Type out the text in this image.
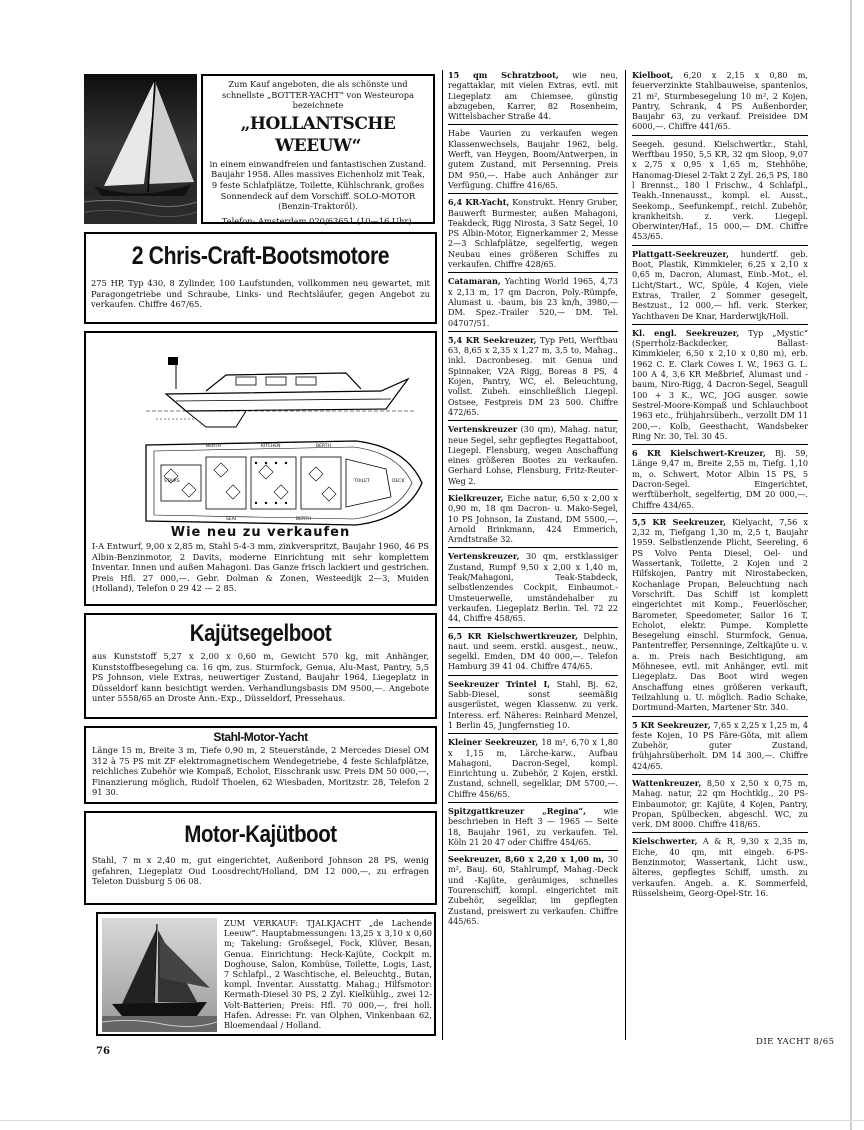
Zum Kauf angeboten, die als schönste und schnellste „BOTTER-YACHT“ von Westeuropa bezeichnete

„HOLLANTSCHE WEEUW“

in einem einwandfreien und fantastischen Zustand. Baujahr 1958. Alles massives Eichenholz mit Teak, 9 feste Schlafplätze, Toilette, Kühlschrank, großes Sonnendeck auf dem Vorschiff. SOLO-MOTOR (Benzin-Traktoröl).

Telefon: Amsterdam 020/63651 (10—16 Uhr).

2 Chris-Craft-Bootsmotore

275 HP, Typ 430, 8 Zylinder, 100 Laufstunden, vollkommen neu gewartet, mit Paragongetriebe und Schraube, Links- und Rechtsläufer, gegen Angebot zu verkaufen. Chiffre 467/65.

BERTH	KITCHEN	BERTH
STAIRS	TOILET	DECK
SEAT	BERTH

Wie neu zu verkaufen

I-A Entwurf, 9,00 x 2,85 m, Stahl 5-4-3 mm, zinkverspritzt, Baujahr 1960, 46 PS Albin-Benzinmotor, 2 Davits, moderne Einrichtung mit sehr komplettem Inventar. Innen und außen Mahagoni. Das Ganze frisch lackiert und gestrichen. Preis Hfl. 27 000,—. Gebr. Dolman & Zonen, Westeedijk 2—3, Muiden (Holland), Telefon 0 29 42 — 2 85.

Kajütsegelboot

aus Kunststoff 5,27 x 2,00 x 0,60 m, Gewicht 570 kg, mit Anhänger, Kunststoffbesegelung ca. 16 qm, zus. Sturmfock, Genua, Alu-Mast, Pantry, 5,5 PS Johnson, viele Extras, neuwertiger Zustand, Baujahr 1964, Liegeplatz in Düsseldorf kann besichtigt werden. Verhandlungsbasis DM 9500,—. Angebote unter 5558/65 an Droste Ann.-Exp., Düsseldorf, Pressehaus.

Stahl-Motor-Yacht

Länge 15 m, Breite 3 m, Tiefe 0,90 m, 2 Steuerstände, 2 Mercedes Diesel OM 312 à 75 PS mit ZF elektromagnetischem Wendegetriebe, 4 feste Schlafplätze, reichliches Zubehör wie Kompaß, Echolot, Eisschrank usw. Preis DM 50 000,—, Finanzierung möglich, Rudolf Thoelen, 62 Wiesbaden, Moritzstr. 28, Telefon 2 91 30.

Motor-Kajütboot

Stahl, 7 m x 2,40 m, gut eingerichtet, Außenbord Johnson 28 PS, wenig gefahren, Liegeplatz Oud Loosdrecht/Holland, DM 12 000,—, zu erfragen Teleton Duisburg 5 06 08.

ZUM VERKAUF: TJALKJACHT „de Lachende Leeuw“. Hauptabmessungen: 13,25 x 3,10 x 0,60 m; Takelung: Großsegel, Fock, Klüver, Besan, Genua. Einrichtung: Heck-Kajüte, Cockpit m. Doghouse, Salon, Kombüse, Toilette, Logis, Last, 7 Schlafpl., 2 Waschtische, el. Beleuchtg., Butan, kompl. Inventar. Ausstattg. Mahag.; Hilfsmotor: Kermath-Diesel 30 PS, 2 Zyl. Kielkühlg., zwei 12-Volt-Batterien; Preis: Hfl. 70 000,—, frei holl. Hafen. Adresse: Fr. van Olphen, Vinkenbaan 62, Bloemendaal / Holland.

76

15 qm Schratzboot, wie neu, regattaklar, mit vielen Extras, evtl. mit Liegeplatz am Chiemsee, günstig abzugeben, Karrer, 82 Rosenheim, Wittelsbacher Straße 44.

Habe Vaurien zu verkaufen wegen Klassenwechsels, Baujahr 1962, belg. Werft, van Heygen, Boom/Antwerpen, in gutem Zustand, mit Persenning. Preis DM 950,—. Habe auch Anhänger zur Verfügung. Chiffre 416/65.

6,4 KR-Yacht, Konstrukt. Henry Gruber, Bauwerft Burmester, außen Mahagoni, Teakdeck, Rigg Nirosta, 3 Satz Segel, 10 PS Albin-Motor, Eignerkammer 2, Messe 2—3 Schlafplätze, segelfertig, wegen Neubau eines größeren Schiffes zu verkaufen. Chiffre 428/65.

Catamaran, Yachting World 1965, 4,73 x 2,13 m, 17 qm Dacron, Poly.-Rümpfe, Alumast u. -baum, bis 23 kn/h, 3980,— DM. Spez.-Trailer 520,— DM. Tel. 04707/51.

5,4 KR Seekreuzer, Typ Peti, Werftbau 63, 8,65 x 2,35 x 1,27 m, 3,5 to, Mahag., inkl. Dacronbeseg. mit Genua und Spinnaker, V2A Rigg, Boreas 8 PS, 4 Kojen, Pantry, WC, el. Beleuchtung, vollst. Zubeh. einschließlich Liegepl. Ostsee, Festpreis DM 23 500. Chiffre 472/65.

Vertenskreuzer (30 qm), Mahag. natur, neue Segel, sehr gepflegtes Regattaboot, Liegepl. Flensburg, wegen Anschaffung eines größeren Bootes zu verkaufen. Gerhard Lohse, Flensburg, Fritz-Reuter-Weg 2.

Kielkreuzer, Eiche natur, 6,50 x 2,00 x 0,90 m, 18 qm Dacron- u. Mako-Segel, 10 PS Johnson, Ia Zustand, DM 5500,—, Arnold Brinkmann, 424 Emmerich, Arndtstraße 32.

Vertenskreuzer, 30 qm, erstklassiger Zustand, Rumpf 9,50 x 2,00 x 1,40 m, Teak/Mahagoni, Teak-Stabdeck, selbstlenzendes Cockpit, Einbaumot.-Umsteuerwelle, umständehalber zu verkaufen. Liegeplatz Berlin. Tel. 72 22 44, Chiffre 458/65.

6,5 KR Kielschwertkreuzer, Delphin, naut. und seem. erstkl. ausgest., neuw., segelkl. Emden, DM 40 000,—. Telefon Hamburg 39 41 04. Chiffre 474/65.

Seekreuzer Trintel I, Stahl, Bj. 62, Sabb-Diesel, sonst seemäßig ausgerüstet, wegen Klassenw. zu verk. Interess. erf. Näheres: Reinhard Menzel, 1 Berlin 45, Jungfernstieg 10.

Kleiner Seekreuzer, 18 m², 6,70 x 1,80 x 1,15 m, Lärche-karw., Aufbau Mahagoni, Dacron-Segel, kompl. Einrichtung u. Zubehör, 2 Kojen, erstkl. Zustand, schnell, segelklar, DM 5700,—. Chiffre 456/65.

Spitzgattkreuzer „Regina“, wie beschrieben in Heft 3 — 1965 — Seite 18, Baujahr 1961, zu verkaufen. Tel. Köln 21 20 47 oder Chiffre 454/65.

Seekreuzer, 8,60 x 2,20 x 1,00 m, 30 m², Bauj. 60, Stahlrumpf, Mahag.-Deck und -Kajüte, geräumiges, schnelles Tourenschiff, kompl. eingerichtet mit Zubehör, segelklar, im gepflegten Zustand, preiswert zu verkaufen. Chiffre 445/65.

Kielboot, 6,20 x 2,15 x 0,80 m, feuerverzinkte Stahlbauweise, spantenlos, 21 m², Sturmbesegelung 10 m², 2 Kojen, Pantry, Schrank, 4 PS Außenborder, Baujahr 63, zu verkauf. Preisidee DM 6000,—. Chiffre 441/65.

Seegeh. gesund. Kielschwertkr., Stahl, Werftbau 1950, 5,5 KR, 32 qm Sloop, 9,07 x 2,75 x 0,95 x 1,65 m, Stehhöhe, Hanomag-Diesel 2-Takt 2 Zyl. 26,5 PS, 180 l Brennst., 180 l Frischw., 4 Schlafpl., Teakh.-Innenausst., kompl. el. Ausst., Seekomp., Seefunkempf., reichl. Zubehör, krankheitsh. z. verk. Liegepl. Oberwinter/Haf., 15 000,— DM. Chiffre 453/65.

Plattgatt-Seekreuzer, hundertf. geb. Boot, Plastik, Kimmkieler, 6,25 x 2,10 x 0,65 m, Dacron, Alumast, Einb.-Mot., el. Licht/Start., WC, Spüle, 4 Kojen, viele Extras, Trailer, 2 Sommer gesegelt, Bestzust., 12 000,— hfl. verk. Sterker, Yachthaven De Knar, Harderwijk/Holl.

Kl. engl. Seekreuzer, Typ „Mystic“ (Sperrholz-Backdecker, Ballast-Kimmkieler, 6,50 x 2,10 x 0,80 m), erb. 1962 C. E. Clark Cowes I. W., 1963 G. L. 100 A 4, 3,6 KR Meßbrief, Alumast und -baum, Niro-Rigg, 4 Dacron-Segel, Seagull 100 + 3 K., WC, JOG ausger. sowie Sestrel-Moore-Kompaß und Schlauchboot 1963 etc., frühjahrsüberh., verzollt DM 11 200,—. Kolb, Geesthacht, Wandsbeker Ring Nr. 30, Tel. 30 45.

6 KR Kielschwert-Kreuzer, Bj. 59, Länge 9,47 m, Breite 2,55 m, Tiefg. 1,10 m, o. Schwert, Motor Albin 15 PS, 5 Dacron-Segel. Eingerichtet, werftüberholt, segelfertig, DM 20 000,—. Chiffre 434/65.

5,5 KR Seekreuzer, Kielyacht, 7,56 x 2,32 m, Tiefgang 1,30 m, 2,5 t, Baujahr 1959. Selbstlenzende Plicht, Seereling, 6 PS Volvo Penta Diesel, Oel- und Wassertank, Toilette, 2 Kojen und 2 Hilfskojen, Pantry mit Nirostabecken, Kochanlage Propan, Beleuchtung nach Vorschrift. Das Schiff ist komplett eingerichtet mit Komp., Feuerlöscher, Barometer, Speedometer, Sailor 16 T, Echolot, elektr. Pumpe. Komplette Besegelung einschl. Sturmfock, Genua, Pantentreffer, Persenninge, Zeltkajüte u. v. a. m. Preis nach Besichtigung, am Möhnesee, evtl. mit Anhänger, evtl. mit Liegeplatz. Das Boot wird wegen Anschaffung eines größeren verkauft, Teilzahlung u. U. möglich. Radio Schake, Dortmund-Marten, Martener Str. 340.

5 KR Seekreuzer, 7,65 x 2,25 x 1,25 m, 4 feste Kojen, 10 PS Färe-Göta, mit allem Zubehör, guter Zustand, frühjahrsüberholt. DM 14 300,—. Chiffre 424/65.

Wattenkreuzer, 8,50 x 2,50 x 0,75 m, Mahag. natur, 22 qm Hochtklg., 20 PS-Einbaumotor, gr. Kajüte, 4 Kojen, Pantry, Propan, Spülbecken, abgeschl. WC, zu verk. DM 8000. Chiffre 418/65.

Kielschwerter, A & R, 9,30 x 2,35 m, Eiche, 40 qm, mit eingeb. 6-PS-Benzinmotor, Wassertank, Licht usw., älteres, gepflegtes Schiff, umsth. zu verkaufen. Angeb. a. K. Sommerfeld, Rüsselsheim, Georg-Opel-Str. 16.

DIE YACHT 8/65
